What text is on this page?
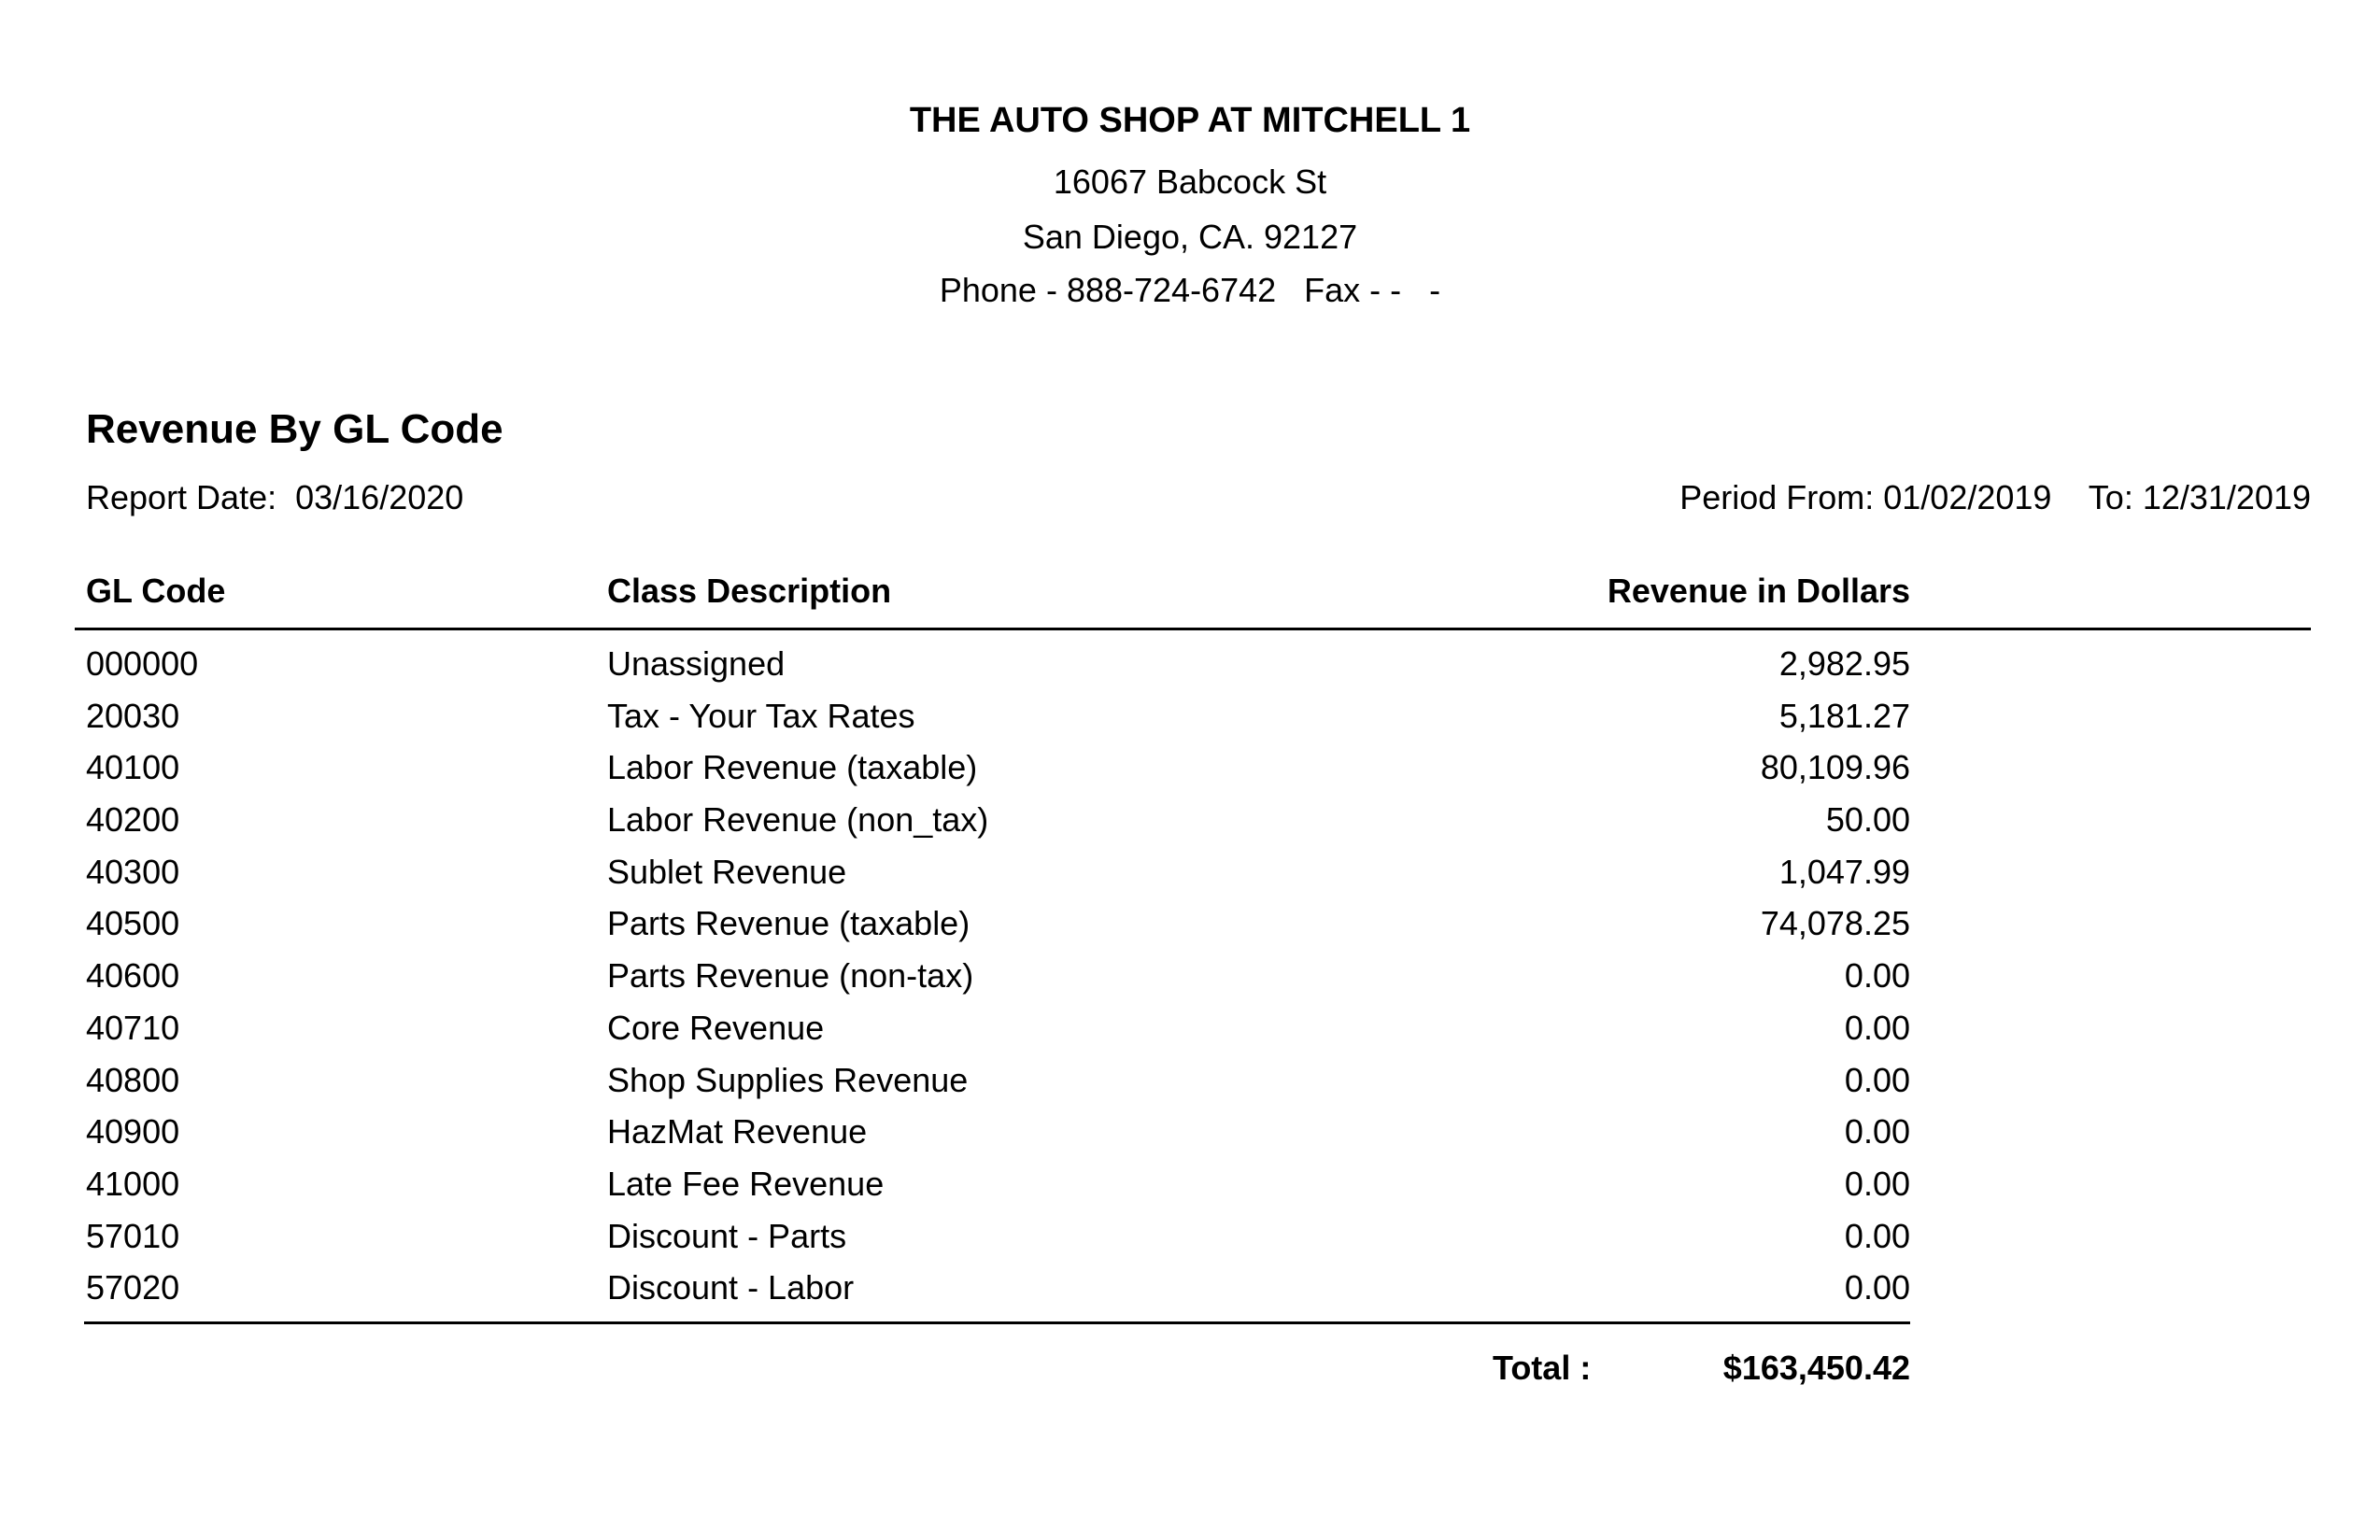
THE AUTO SHOP AT MITCHELL 1
16067 Babcock St
San Diego, CA. 92127
Phone - 888-724-6742   Fax - -   -
Revenue By GL Code
Report Date:  03/16/2020	Period From: 01/02/2019    To: 12/31/2019
GL Code	Class Description	Revenue in Dollars
000000	Unassigned	2,982.95
20030	Tax - Your Tax Rates	5,181.27
40100	Labor Revenue (taxable)	80,109.96
40200	Labor Revenue (non_tax)	50.00
40300	Sublet Revenue	1,047.99
40500	Parts Revenue (taxable)	74,078.25
40600	Parts Revenue (non-tax)	0.00
40710	Core Revenue	0.00
40800	Shop Supplies Revenue	0.00
40900	HazMat Revenue	0.00
41000	Late Fee Revenue	0.00
57010	Discount - Parts	0.00
57020	Discount - Labor	0.00
Total :	$163,450.42
